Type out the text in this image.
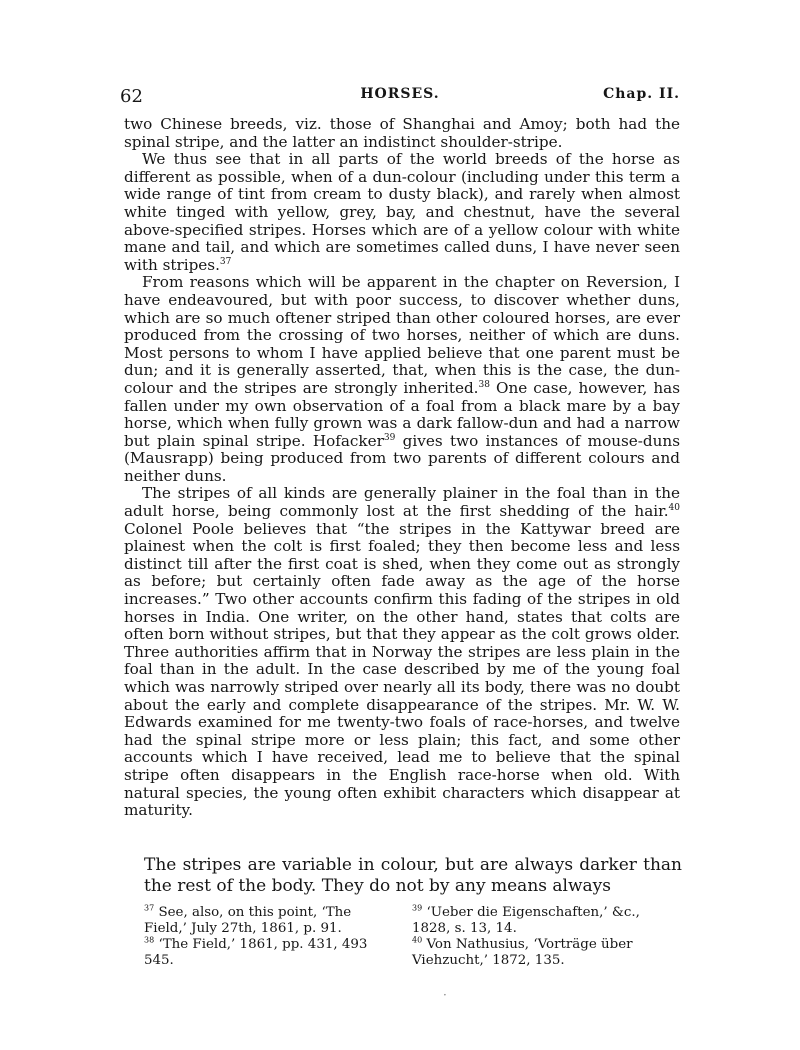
62	HORSES.	Chap. II.

two Chinese breeds, viz. those of Shanghai and Amoy; both had the spinal stripe, and the latter an indistinct shoulder-stripe.

We thus see that in all parts of the world breeds of the horse as different as possible, when of a dun-colour (including under this term a wide range of tint from cream to dusty black), and rarely when almost white tinged with yellow, grey, bay, and chestnut, have the several above-specified stripes. Horses which are of a yellow colour with white mane and tail, and which are sometimes called duns, I have never seen with stripes.$^{37}$

From reasons which will be apparent in the chapter on Reversion, I have endeavoured, but with poor success, to discover whether duns, which are so much oftener striped than other coloured horses, are ever produced from the crossing of two horses, neither of which are duns. Most persons to whom I have applied believe that one parent must be dun; and it is generally asserted, that, when this is the case, the dun-colour and the stripes are strongly inherited.$^{38}$ One case, however, has fallen under my own observation of a foal from a black mare by a bay horse, which when fully grown was a dark fallow-dun and had a narrow but plain spinal stripe. Hofacker$^{39}$ gives two instances of mouse-duns (Mausrapp) being produced from two parents of different colours and neither duns.

The stripes of all kinds are generally plainer in the foal than in the adult horse, being commonly lost at the first shedding of the hair.$^{40}$ Colonel Poole believes that “the stripes in the Kattywar breed are plainest when the colt is first foaled; they then become less and less distinct till after the first coat is shed, when they come out as strongly as before; but certainly often fade away as the age of the horse increases.” Two other accounts confirm this fading of the stripes in old horses in India. One writer, on the other hand, states that colts are often born without stripes, but that they appear as the colt grows older. Three authorities affirm that in Norway the stripes are less plain in the foal than in the adult. In the case described by me of the young foal which was narrowly striped over nearly all its body, there was no doubt about the early and complete disappearance of the stripes. Mr. W. W. Edwards examined for me twenty-two foals of race-horses, and twelve had the spinal stripe more or less plain; this fact, and some other accounts which I have received, lead me to believe that the spinal stripe often disappears in the English race-horse when old. With natural species, the young often exhibit characters which disappear at maturity.

The stripes are variable in colour, but are always darker than the rest of the body. They do not by any means always

$^{37}$ See, also, on this point, ‘The Field,’ July 27th, 1861, p. 91.

$^{38}$ ‘The Field,’ 1861, pp. 431, 493 545.

$^{39}$ ‘Ueber die Eigenschaften,’ &c., 1828, s. 13, 14.

$^{40}$ Von Nathusius, ‘Vorträge über Viehzucht,’ 1872, 135.

·
